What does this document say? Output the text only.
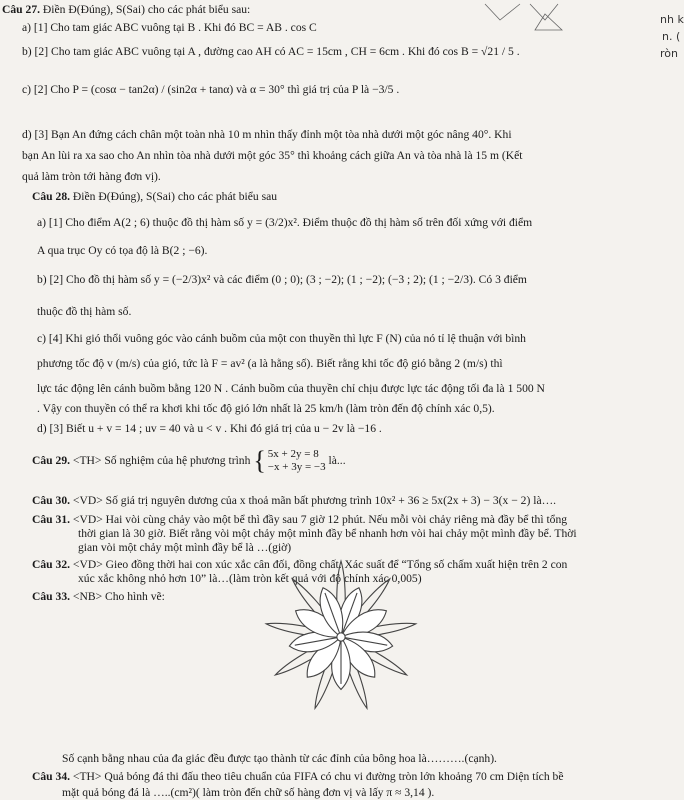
nh k
n. (
ròn
Câu 27. Điền Đ(Đúng), S(Sai) cho các phát biểu sau:
a) [1] Cho tam giác ABC vuông tại B . Khi đó BC = AB . cos C
b) [2] Cho tam giác ABC vuông tại A , đường cao AH có AC = 15cm , CH = 6cm . Khi đó cos B = √21 / 5 .
c) [2] Cho P = (cosα − tan2α) / (sin2α + tanα) và α = 30° thì giá trị của P là −3/5 .
d) [3] Bạn An đứng cách chân một toàn nhà 10 m nhìn thấy đỉnh một tòa nhà dưới một góc nâng 40°. Khi
bạn An lùi ra xa sao cho An nhìn tòa nhà dưới một góc 35° thì khoảng cách giữa An và tòa nhà là 15 m (Kết
quả làm tròn tới hàng đơn vị).
Câu 28. Điền Đ(Đúng), S(Sai) cho các phát biểu sau
a) [1] Cho điểm A(2 ; 6) thuộc đồ thị hàm số y = (3/2)x². Điểm thuộc đồ thị hàm số trên đối xứng với điểm
A qua trục Oy có tọa độ là B(2 ; −6).
b) [2] Cho đồ thị hàm số y = (−2/3)x² và các điểm (0 ; 0); (3 ; −2); (1 ; −2); (−3 ; 2); (1 ; −2/3). Có 3 điểm
thuộc đồ thị hàm số.
c) [4] Khi gió thổi vuông góc vào cánh buồm của một con thuyền thì lực F (N) của nó tỉ lệ thuận với bình
phương tốc độ v (m/s) của gió, tức là F = av² (a là hằng số). Biết rằng khi tốc độ gió bằng 2 (m/s) thì
lực tác động lên cánh buồm bằng 120 N . Cánh buồm của thuyền chỉ chịu được lực tác động tối đa là 1 500 N
. Vậy con thuyền có thể ra khơi khi tốc độ gió lớn nhất là 25 km/h (làm tròn đến độ chính xác 0,5).
d) [3] Biết u + v = 14 ; uv = 40 và u < v . Khi đó giá trị của u − 2v là −16 .
Câu 29. <TH> Số nghiệm của hệ phương trình { 5x + 2y = 8
−x + 3y = −3
là...
Câu 30. <VD> Số giá trị nguyên dương của x thoả mãn bất phương trình 10x² + 36 ≥ 5x(2x + 3) − 3(x − 2) là….
Câu 31. <VD> Hai vòi cùng chảy vào một bể thì đầy sau 7 giờ 12 phút. Nếu mỗi vòi chảy riêng mà đầy bể thì tổng
thời gian là 30 giờ. Biết rằng vòi một chảy một mình đầy bể nhanh hơn vòi hai chảy một mình đầy bể. Thời
gian vòi một chảy một mình đầy bể là …(giờ)
Câu 32. <VD> Gieo đồng thời hai con xúc xắc cân đối, đồng chất. Xác suất để “Tổng số chấm xuất hiện trên 2 con
xúc xắc không nhỏ hơn 10” là…(làm tròn kết quả với độ chính xác 0,005)
Câu 33. <NB> Cho hình vẽ:
Số cạnh bằng nhau của đa giác đều được tạo thành từ các đỉnh của bông hoa là……….(cạnh).
Câu 34. <TH> Quả bóng đá thi đấu theo tiêu chuẩn của FIFA có chu vi đường tròn lớn khoảng 70 cm Diện tích bề
mặt quả bóng đá là …..(cm²)( làm tròn đến chữ số hàng đơn vị và lấy π ≈ 3,14 ).
